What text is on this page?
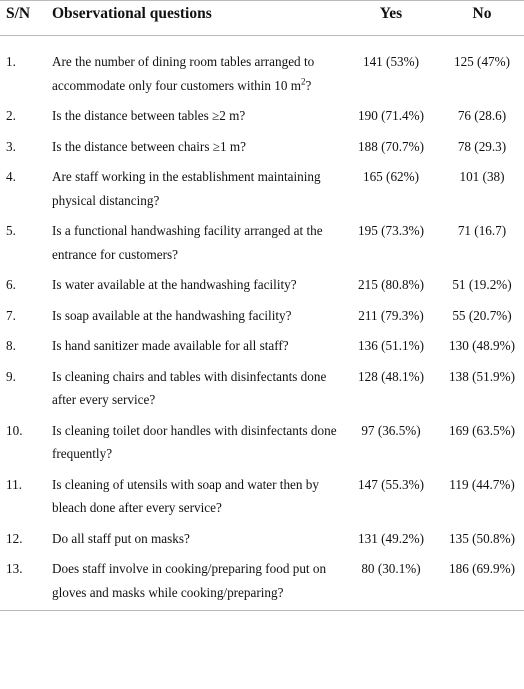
S/N	Observational questions	Yes	No
1.	Are the number of dining room tables arranged to accommodate only four customers within 10 $m^2$?	141 (53%)	125 (47%)
2.	Is the distance between tables ≥2 m?	190 (71.4%)	76 (28.6)
3.	Is the distance between chairs ≥1 m?	188 (70.7%)	78 (29.3)
4.	Are staff working in the establishment maintaining physical distancing?	165 (62%)	101 (38)
5.	Is a functional handwashing facility arranged at the entrance for customers?	195 (73.3%)	71 (16.7)
6.	Is water available at the handwashing facility?	215 (80.8%)	51 (19.2%)
7.	Is soap available at the handwashing facility?	211 (79.3%)	55 (20.7%)
8.	Is hand sanitizer made available for all staff?	136 (51.1%)	130 (48.9%)
9.	Is cleaning chairs and tables with disinfectants done after every service?	128 (48.1%)	138 (51.9%)
10.	Is cleaning toilet door handles with disinfectants done frequently?	97 (36.5%)	169 (63.5%)
11.	Is cleaning of utensils with soap and water then by bleach done after every service?	147 (55.3%)	119 (44.7%)
12.	Do all staff put on masks?	131 (49.2%)	135 (50.8%)
13.	Does staff involve in cooking/preparing food put on gloves and masks while cooking/preparing?	80 (30.1%)	186 (69.9%)
